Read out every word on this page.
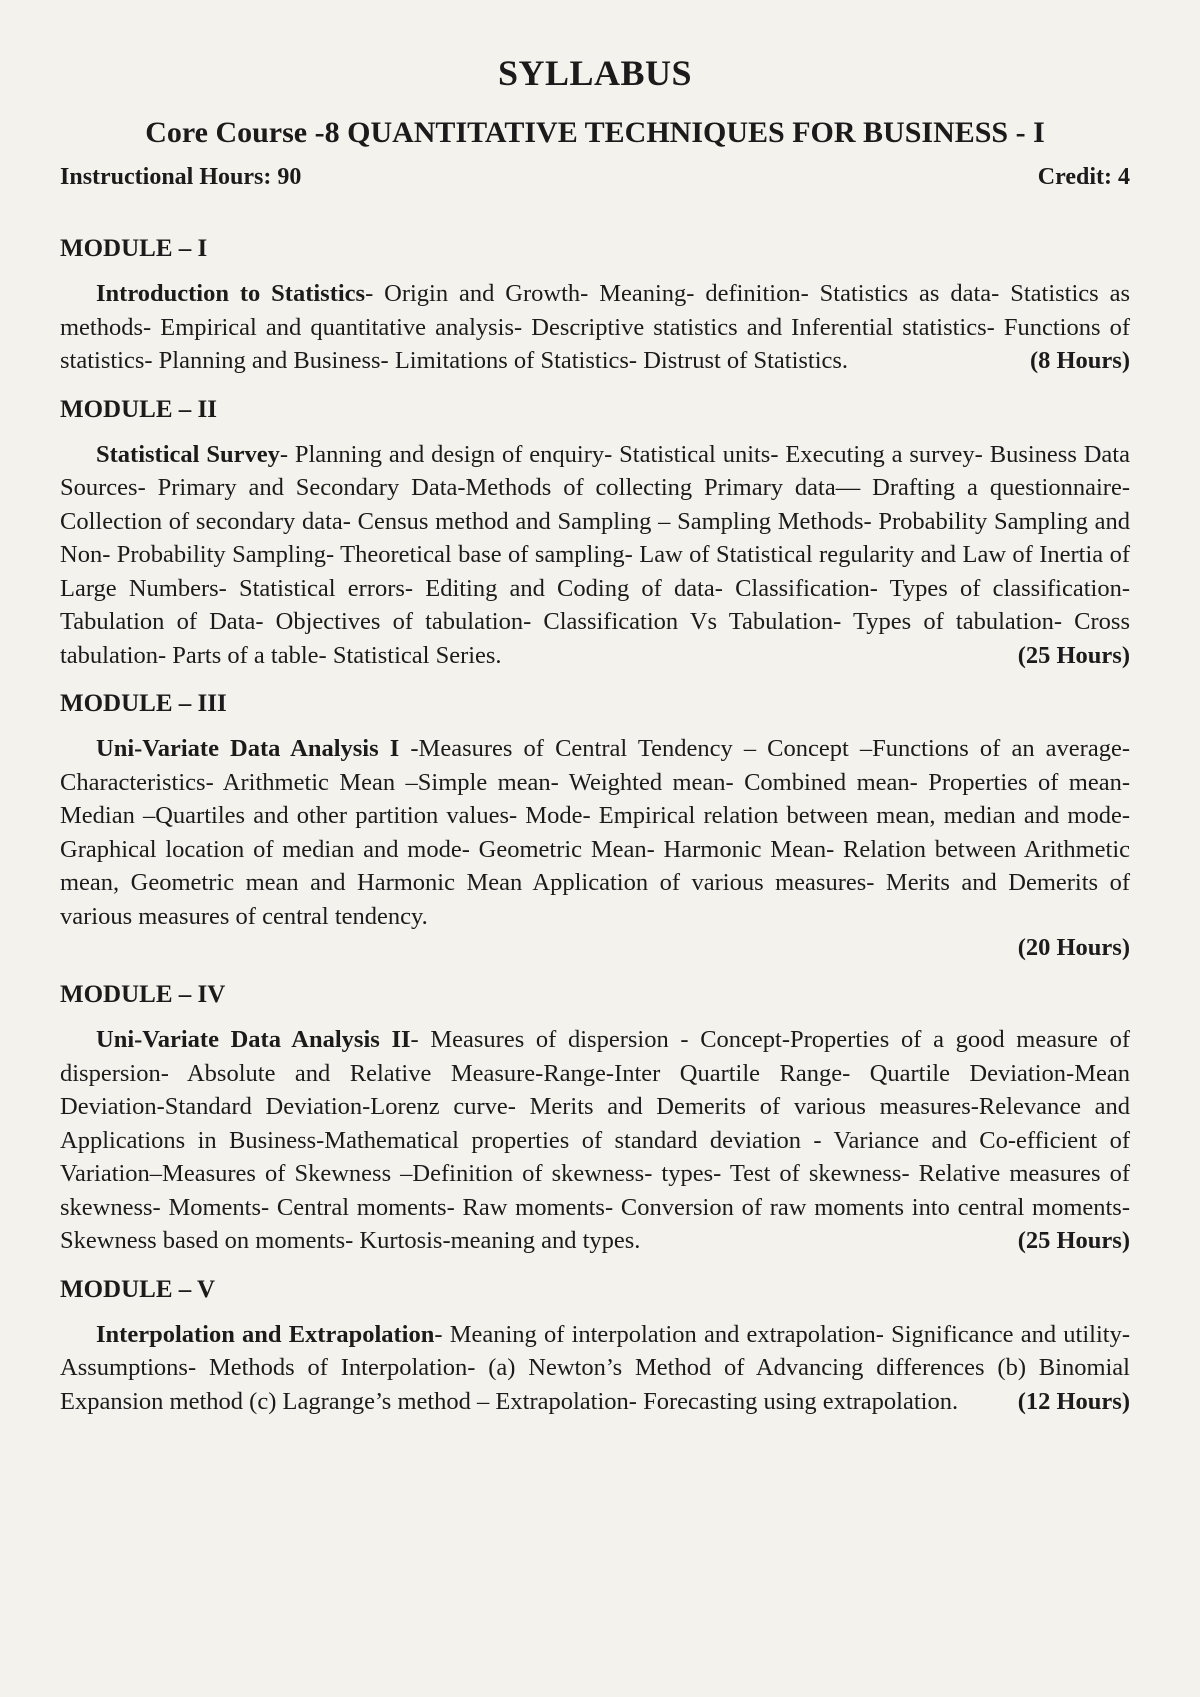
SYLLABUS
Core Course -8 QUANTITATIVE TECHNIQUES FOR BUSINESS - I
Instructional Hours: 90	Credit: 4
MODULE – I

Introduction to Statistics- Origin and Growth- Meaning- definition- Statistics as data- Statistics as methods- Empirical and quantitative analysis- Descriptive statistics and Inferential statistics- Functions of statistics- Planning and Business- Limitations of Statistics- Distrust of Statistics.	(8 Hours)

MODULE – II

Statistical Survey- Planning and design of enquiry- Statistical units- Executing a survey- Business Data Sources- Primary and Secondary Data-Methods of collecting Primary data— Drafting a questionnaire- Collection of secondary data- Census method and Sampling – Sampling Methods- Probability Sampling and Non- Probability Sampling- Theoretical base of sampling- Law of Statistical regularity and Law of Inertia of Large Numbers- Statistical errors- Editing and Coding of data- Classification- Types of classification- Tabulation of Data- Objectives of tabulation- Classification Vs Tabulation- Types of tabulation- Cross tabulation- Parts of a table- Statistical Series.	(25 Hours)

MODULE – III

Uni-Variate Data Analysis I -Measures of Central Tendency – Concept –Functions of an average- Characteristics- Arithmetic Mean –Simple mean- Weighted mean- Combined mean- Properties of mean- Median –Quartiles and other partition values- Mode- Empirical relation between mean, median and mode- Graphical location of median and mode- Geometric Mean- Harmonic Mean- Relation between Arithmetic mean, Geometric mean and Harmonic Mean Application of various measures- Merits and Demerits of various measures of central tendency.

(20 Hours)

MODULE – IV

Uni-Variate Data Analysis II- Measures of dispersion - Concept-Properties of a good measure of dispersion- Absolute and Relative Measure-Range-Inter Quartile Range- Quartile Deviation-Mean Deviation-Standard Deviation-Lorenz curve- Merits and Demerits of various measures-Relevance and Applications in Business-Mathematical properties of standard deviation - Variance and Co-efficient of Variation–Measures of Skewness –Definition of skewness- types- Test of skewness- Relative measures of skewness- Moments- Central moments- Raw moments- Conversion of raw moments into central moments- Skewness based on moments- Kurtosis-meaning and types.	(25 Hours)

MODULE – V

Interpolation and Extrapolation- Meaning of interpolation and extrapolation- Significance and utility- Assumptions- Methods of Interpolation- (a) Newton’s Method of Advancing differences (b) Binomial Expansion method (c) Lagrange’s method – Extrapolation- Forecasting using extrapolation.	(12 Hours)
